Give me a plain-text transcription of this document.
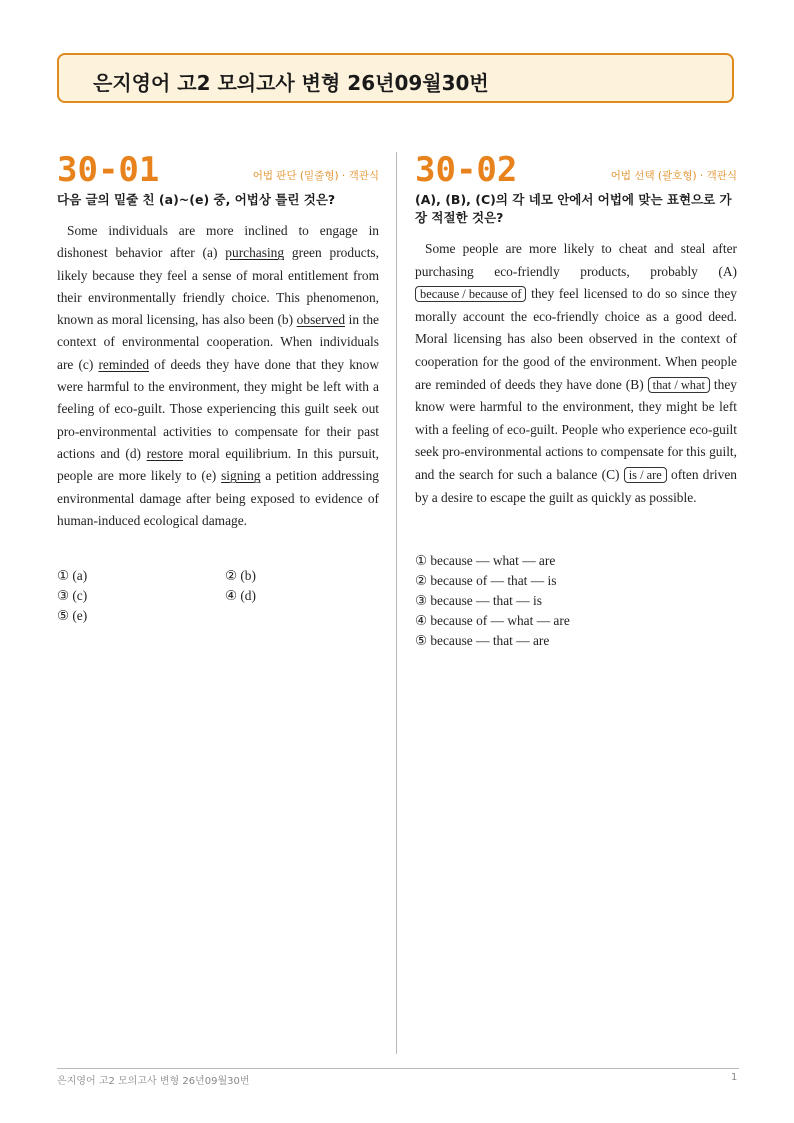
은지영어 고2 모의고사 변형 26년09월30번
30-01	어법 판단 (밑줄형) · 객관식
다음 글의 밑줄 친 (a)~(e) 중, 어법상 틀린 것은?

Some individuals are more inclined to engage in dishonest behavior after (a) purchasing green products, likely because they feel a sense of moral entitlement from their environmentally friendly choice. This phenomenon, known as moral licensing, has also been (b) observed in the context of environmental cooperation. When individuals are (c) reminded of deeds they have done that they know were harmful to the environment, they might be left with a feeling of eco-guilt. Those experiencing this guilt seek out pro-environmental activities to compensate for their past actions and (d) restore moral equilibrium. In this pursuit, people are more likely to (e) signing a petition addressing environmental damage after being exposed to evidence of human-induced ecological damage.

① (a)	② (b)
③ (c)	④ (d)
⑤ (e)
30-02	어법 선택 (괄호형) · 객관식
(A), (B), (C)의 각 네모 안에서 어법에 맞는 표현으로 가장 적절한 것은?

Some people are more likely to cheat and steal after purchasing eco-friendly products, probably (A) because / because of they feel licensed to do so since they morally account the eco-friendly choice as a good deed. Moral licensing has also been observed in the context of cooperation for the good of the environment. When people are reminded of deeds they have done (B) that / what they know were harmful to the environment, they might be left with a feeling of eco-guilt. People who experience eco-guilt seek pro-environmental actions to compensate for this guilt, and the search for such a balance (C) is / are often driven by a desire to escape the guilt as quickly as possible.

① because — what — are
② because of — that — is
③ because — that — is
④ because of — what — are
⑤ because — that — are
은지영어 고2 모의고사 변형 26년09월30번	1
